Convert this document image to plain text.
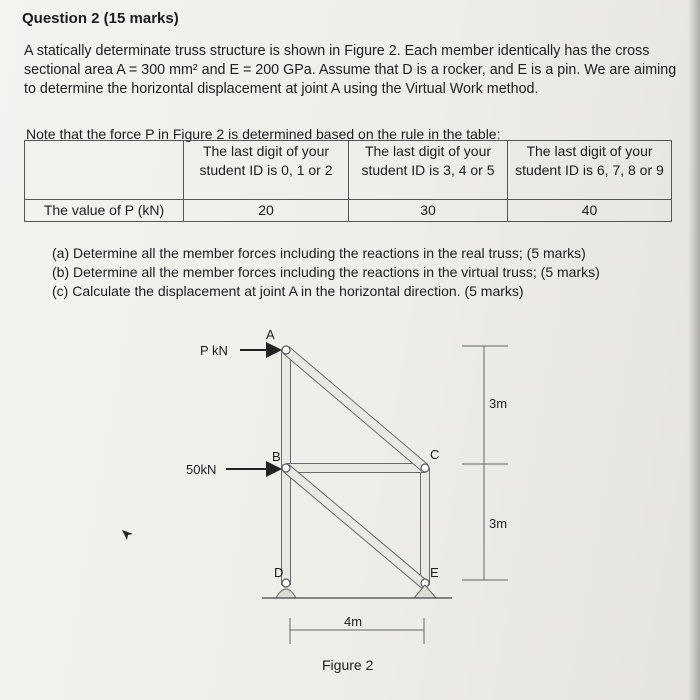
Question 2 (15 marks)
A statically determinate truss structure is shown in Figure 2. Each member identically has the cross sectional area A = 300 mm² and E = 200 GPa. Assume that D is a rocker, and E is a pin. We are aiming to determine the horizontal displacement at joint A using the Virtual Work method.
Note that the force P in Figure 2 is determined based on the rule in the table:
	The last digit of your student ID is 0, 1 or 2	The last digit of your student ID is 3, 4 or 5	The last digit of your student ID is 6, 7, 8 or 9
The value of P (kN)	20	30	40
(a) Determine all the member forces including the reactions in the real truss; (5 marks)
(b) Determine all the member forces including the reactions in the virtual truss; (5 marks)
(c) Calculate the displacement at joint A in the horizontal direction. (5 marks)
P kN
50kN
A
B	C
D	E
3m
3m
4m
Figure 2
